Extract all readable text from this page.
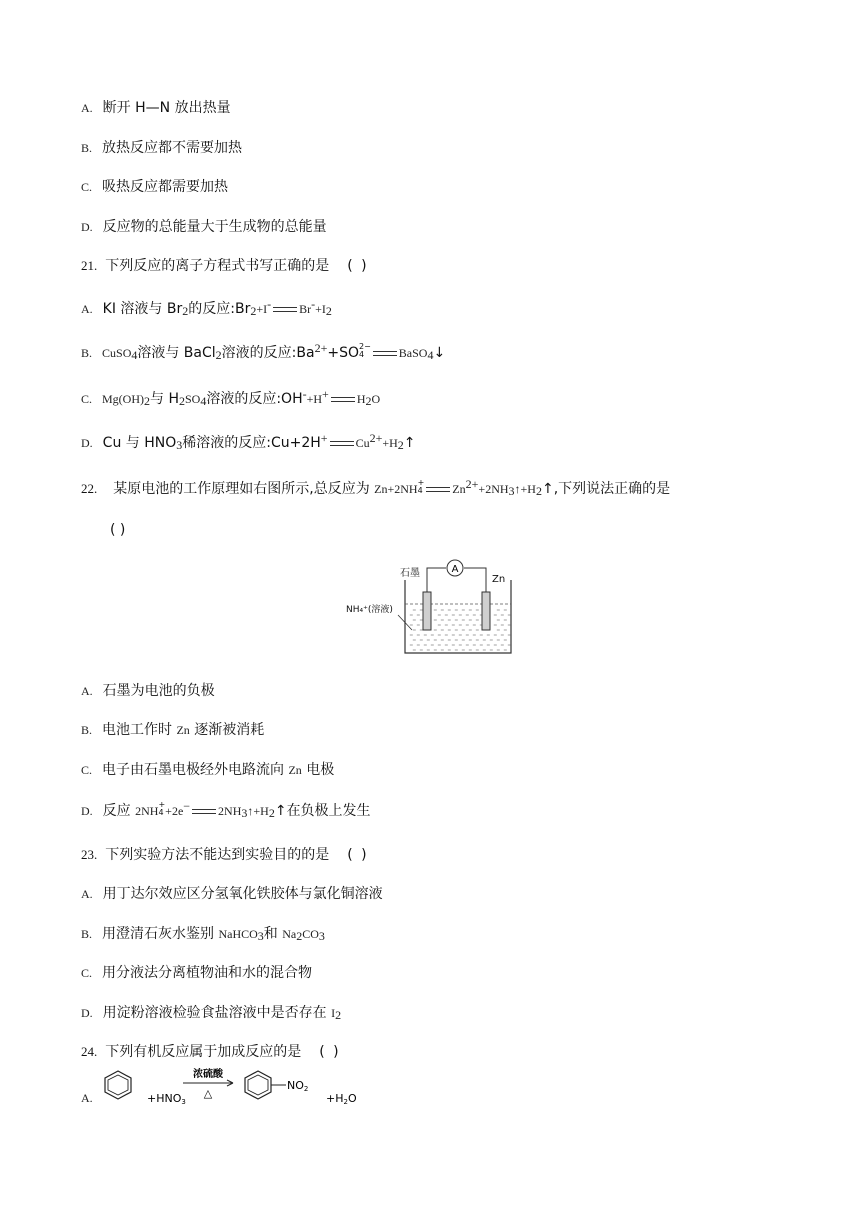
A. 断开 H—N 放出热量
B. 放热反应都不需要加热
C. 吸热反应都需要加热
D. 反应物的总能量大于生成物的总能量
21. 下列反应的离子方程式书写正确的是 ( )
A. KI 溶液与 $Br_2$的反应$:Br_2+I^-$ $Br^-+I_2$
B. CuSO$_4$溶液与 BaCl$_2$溶液的反应$:Ba^{2+}+SO2-$
4	BaSO$_4$↓
C. $Mg(OH)_2$与 $H_2SO_4$溶液的反应:OH-+H+ $H_2O$
D. Cu 与 $HNO_3$稀溶液的反应:Cu+2H+ $Cu^{2+}+H_2↑$
22. 某原电池的工作原理如右图所示,总反应为 Zn+2NH+
4 $Zn^{2+}+2NH_3↑+H_2↑$,下列说法正确的是
( )
A
石墨
Zn
NH₄⁺(溶液)
A. 石墨为电池的负极
B. 电池工作时 Zn 逐渐被消耗
C. 电子由石墨电极经外电路流向 Zn 电极
D. 反应 2NH+
4 +2e− $2NH_3↑+H_2↑$在负极上发生
23. 下列实验方法不能达到实验目的的是 ( )
A. 用丁达尔效应区分氢氧化铁胶体与氯化铜溶液
B. 用澄清石灰水鉴别 NaHCO$_3$和 $Na_2CO_3$
C. 用分液法分离植物油和水的混合物
D. 用淀粉溶液检验食盐溶液中是否存在 $I_2$
24. 下列有机反应属于加成反应的是 ( )
A.	+HNO3
浓硫酸
△
NO2
+H2O
